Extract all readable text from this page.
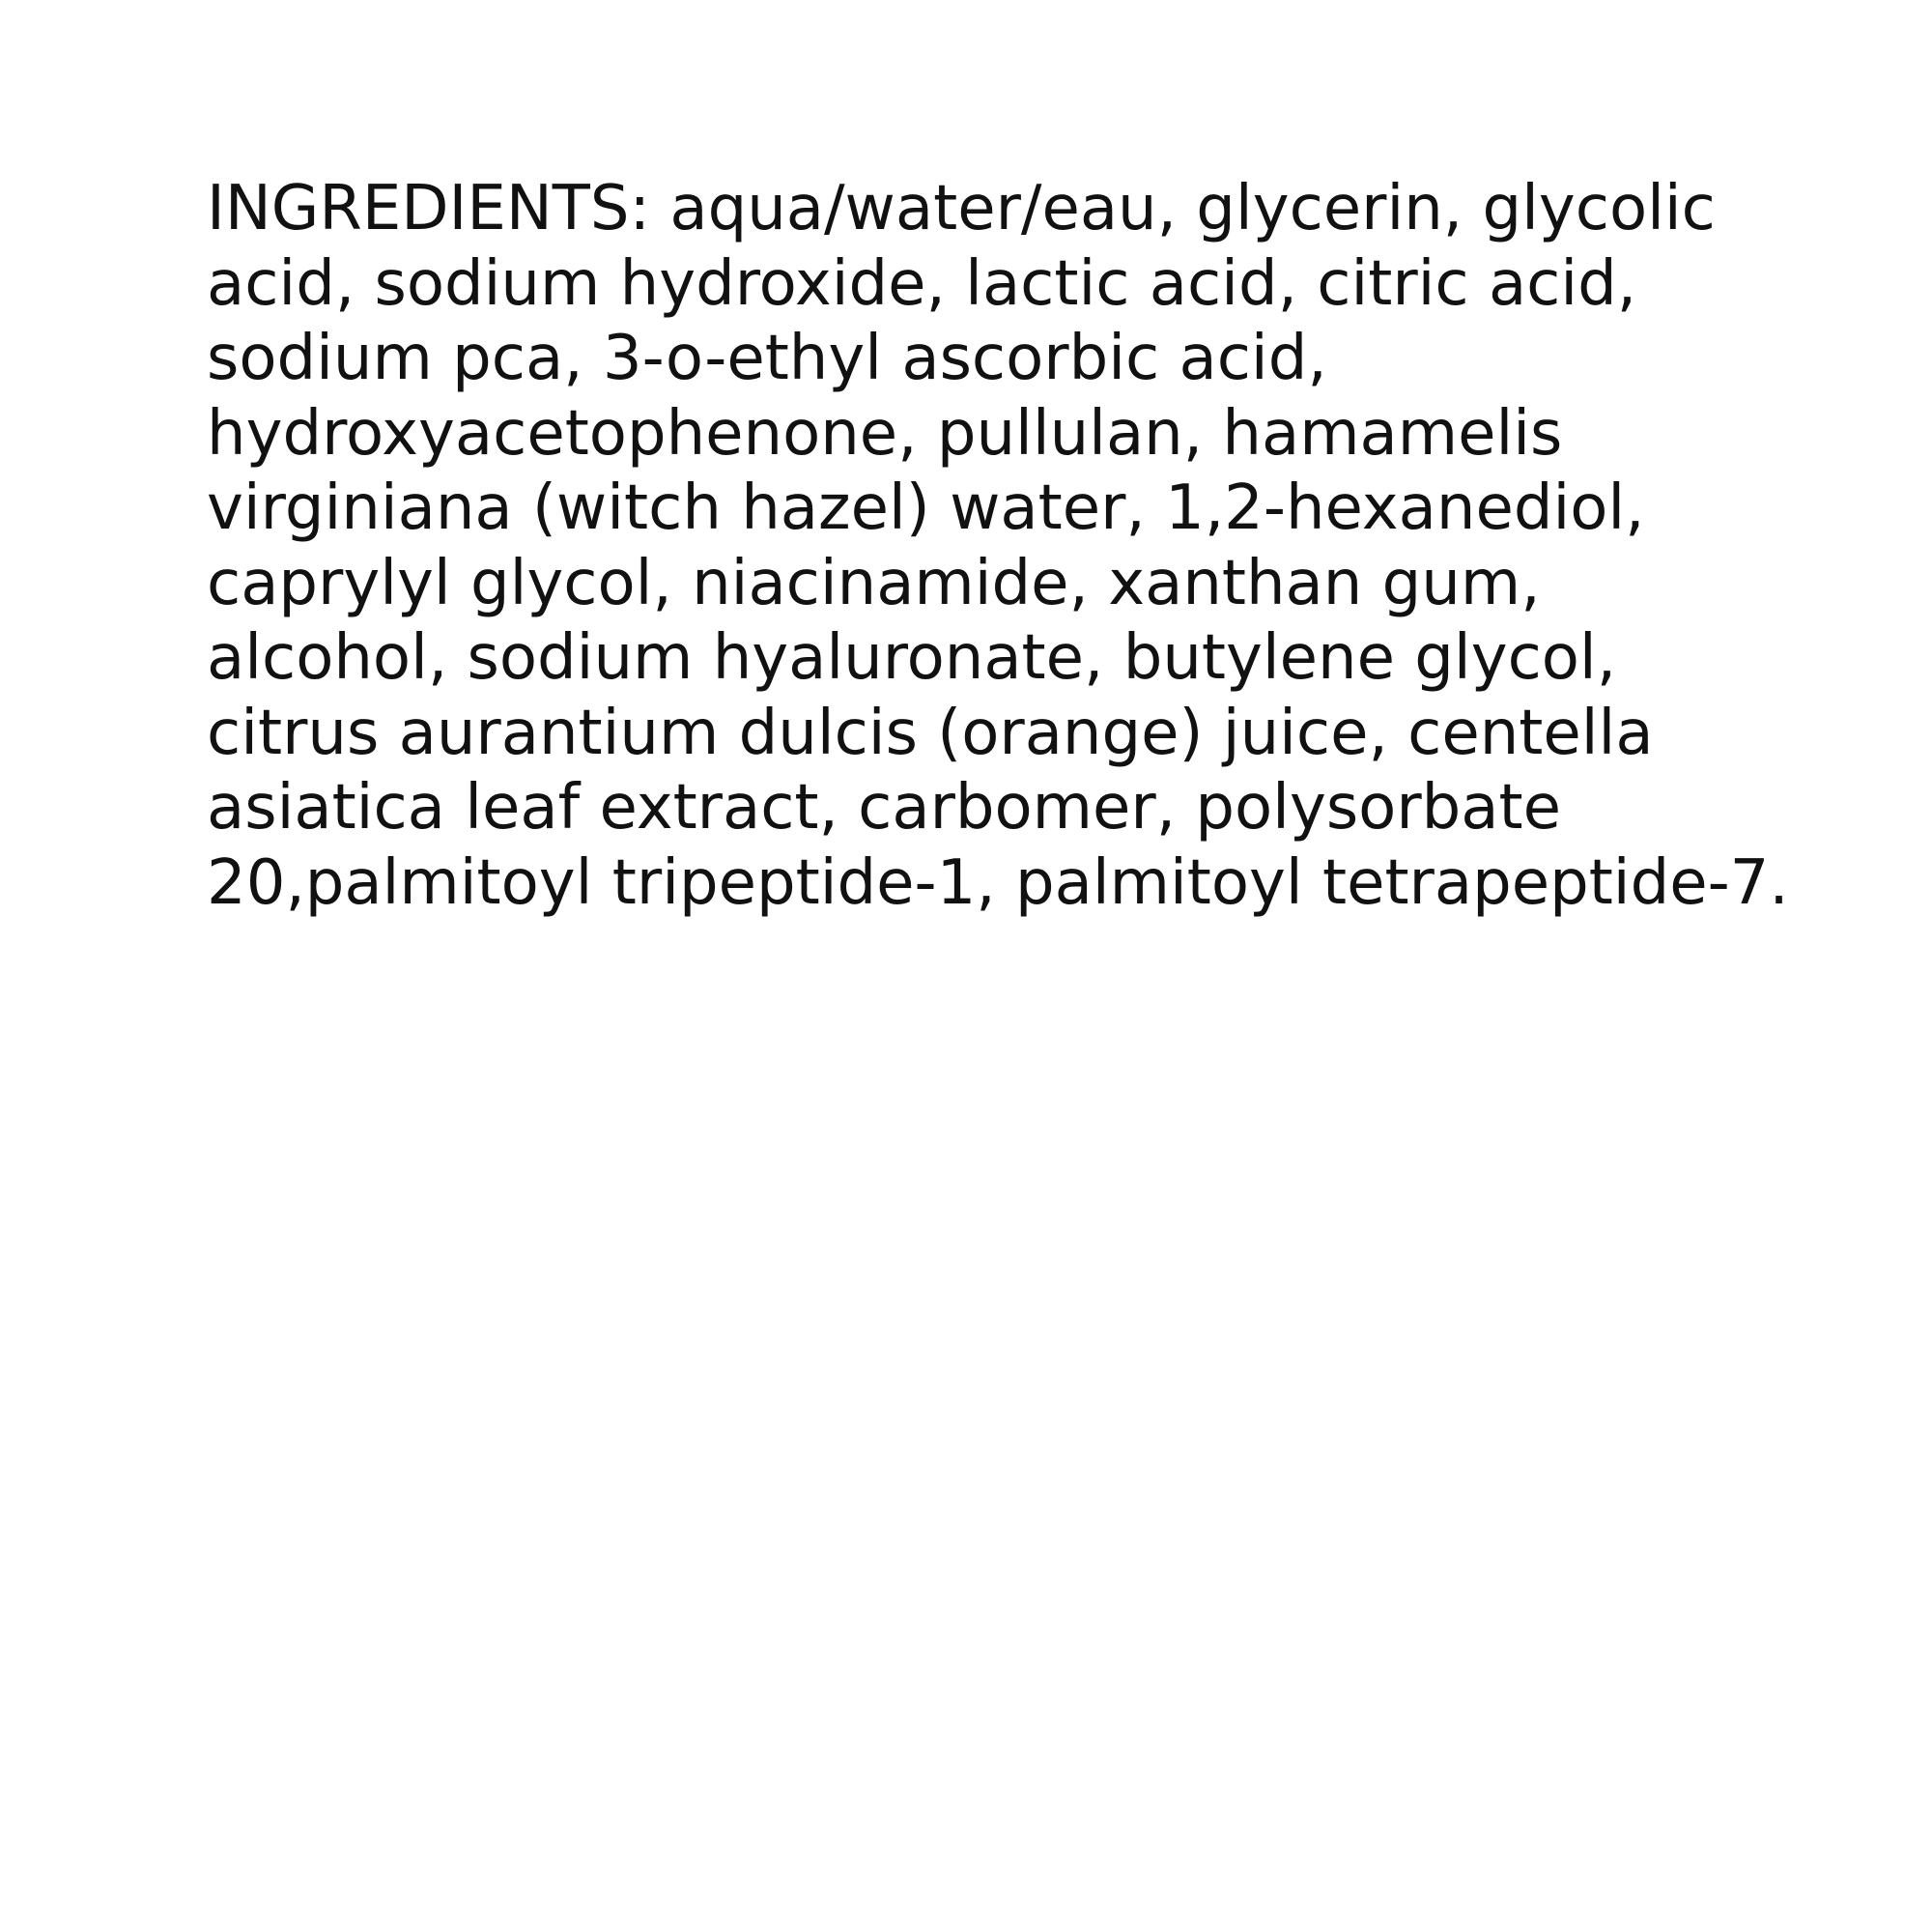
INGREDIENTS: aqua/water/eau, glycerin, glycolic
acid, sodium hydroxide, lactic acid, citric acid,
sodium pca, 3-o-ethyl ascorbic acid,
hydroxyacetophenone, pullulan, hamamelis
virginiana (witch hazel) water, 1,2-hexanediol,
caprylyl glycol, niacinamide, xanthan gum,
alcohol, sodium hyaluronate, butylene glycol,
citrus aurantium dulcis (orange) juice, centella
asiatica leaf extract, carbomer, polysorbate
20,palmitoyl tripeptide-1, palmitoyl tetrapeptide-7.
